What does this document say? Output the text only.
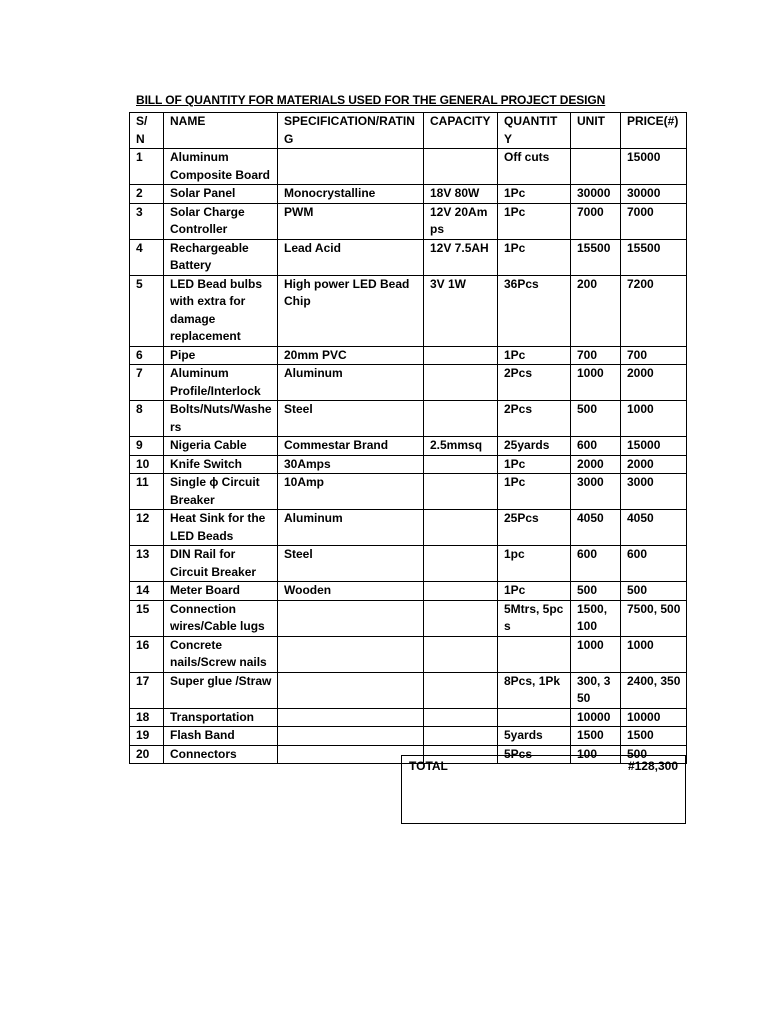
BILL OF QUANTITY FOR MATERIALS USED FOR THE GENERAL PROJECT DESIGN
S/ N	NAME	SPECIFICATION/RATIN G	CAPACITY	QUANTIT Y	UNIT	PRICE(#)
1	Aluminum Composite Board			Off cuts		15000
2	Solar Panel	Monocrystalline	18V 80W	1Pc	30000	30000
3	Solar Charge Controller	PWM	12V 20Amps	1Pc	7000	7000
4	Rechargeable Battery	Lead Acid	12V 7.5AH	1Pc	15500	15500
5	LED Bead bulbs with extra for damage replacement	High power LED Bead Chip	3V 1W	36Pcs	200	7200
6	Pipe	20mm PVC		1Pc	700	700
7	Aluminum Profile/Interlock	Aluminum		2Pcs	1000	2000
8	Bolts/Nuts/Washers	Steel		2Pcs	500	1000
9	Nigeria Cable	Commestar Brand	2.5mmsq	25yards	600	15000
10	Knife Switch	30Amps		1Pc	2000	2000
11	Single ɸ Circuit Breaker	10Amp		1Pc	3000	3000
12	Heat Sink for the LED Beads	Aluminum		25Pcs	4050	4050
13	DIN Rail for Circuit Breaker	Steel		1pc	600	600
14	Meter Board	Wooden		1Pc	500	500
15	Connection wires/Cable lugs			5Mtrs, 5pcs	1500, 100	7500, 500
16	Concrete nails/Screw nails				1000	1000
17	Super glue /Straw			8Pcs, 1Pk	300, 350	2400, 350
18	Transportation				10000	10000
19	Flash Band			5yards	1500	1500
20	Connectors			5Pcs	100	500
TOTAL	#128,300
